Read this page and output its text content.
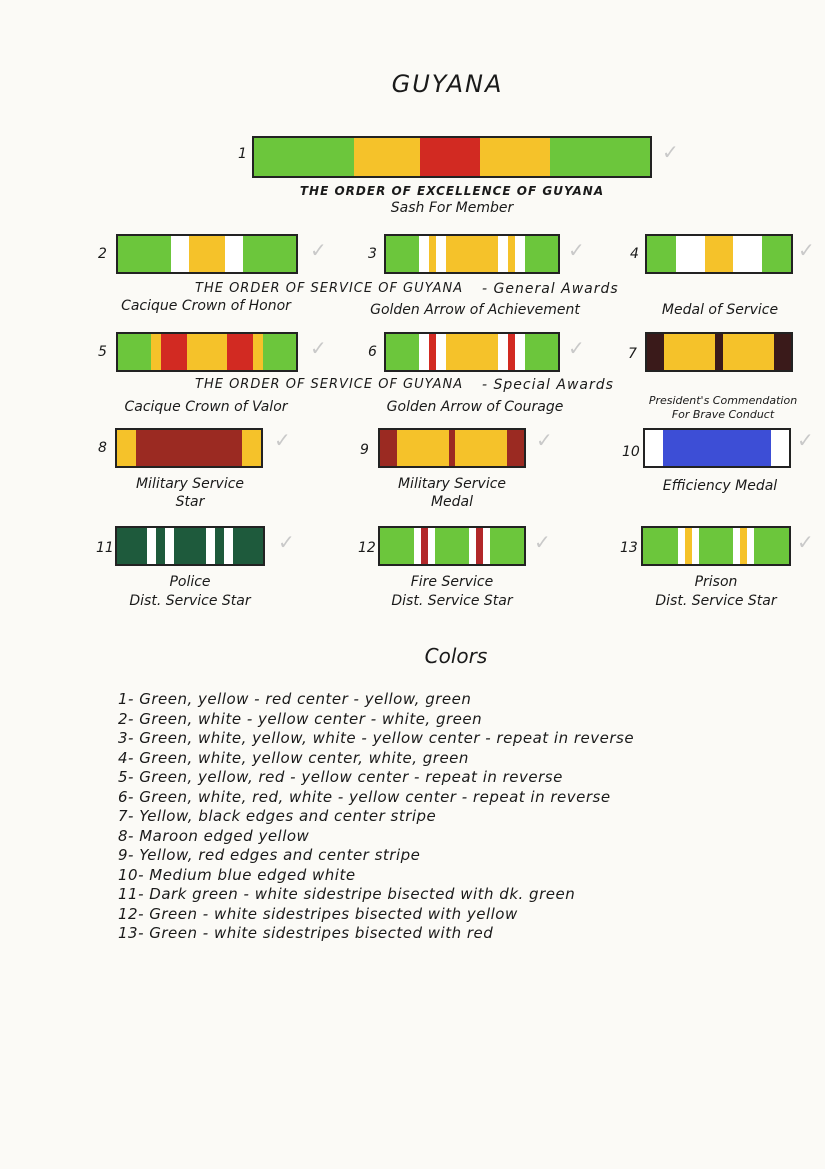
GUYANA
1	✓
THE ORDER OF EXCELLENCE OF GUYANA
Sash For Member
2	✓	3	✓	4	✓
THE ORDER OF SERVICE OF GUYANA - General Awards
Cacique Crown of Honor	Golden Arrow of Achievement	Medal of Service
5	✓	6	✓	7
THE ORDER OF SERVICE OF GUYANA - Special Awards
Cacique Crown of Valor	Golden Arrow of Courage	President's Commendation
For Brave Conduct
8	✓	9	✓	10	✓
Military Service
Star
Military Service
Medal
Efficiency Medal
11	✓	12	✓	13	✓
Police
Dist. Service Star
Fire Service
Dist. Service Star
Prison
Dist. Service Star
Colors
1- Green, yellow - red center - yellow, green
2- Green, white - yellow center - white, green
3- Green, white, yellow, white - yellow center - repeat in reverse
4- Green, white, yellow center, white, green
5- Green, yellow, red - yellow center - repeat in reverse
6- Green, white, red, white - yellow center - repeat in reverse
7- Yellow, black edges and center stripe
8- Maroon edged yellow
9- Yellow, red edges and center stripe
10- Medium blue edged white
11- Dark green - white sidestripe bisected with dk. green
12- Green - white sidestripes bisected with yellow
13- Green - white sidestripes bisected with red
